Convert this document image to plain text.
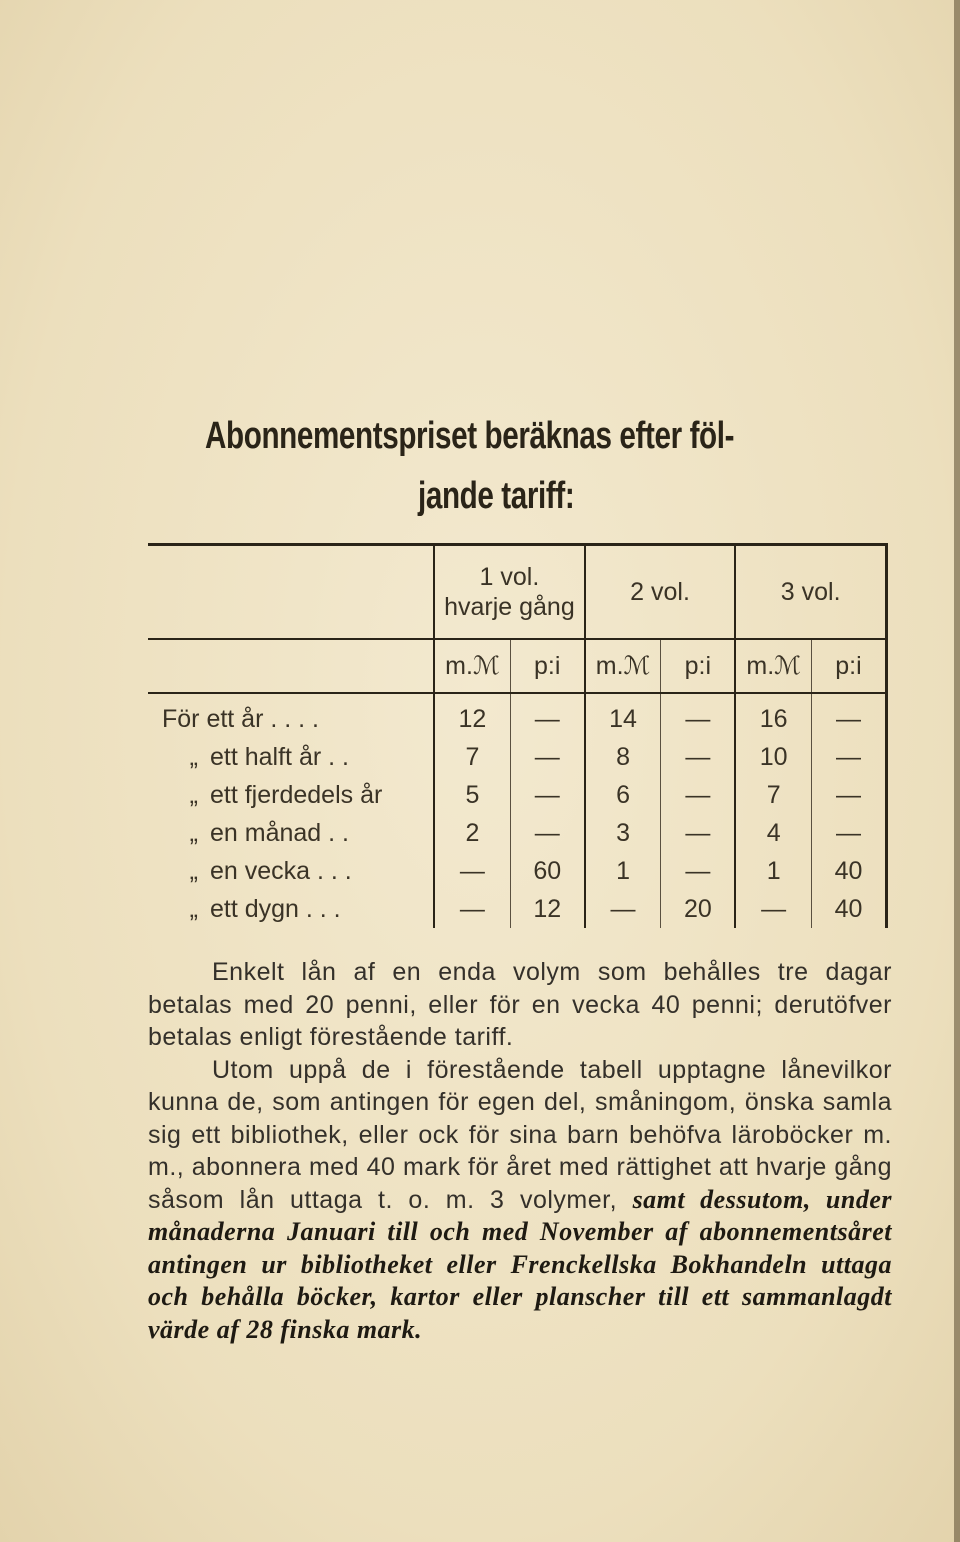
Abonnementspriset beräknas efter föl-
jande tariff:
	1 vol.
hvarje gång		2 vol.		3 vol.	
	m.ℳ	p:i	m.ℳ	p:i	m.ℳ	p:i
För ett år . . . .	12	—	14	—	16	—
„ ett halft år . .	7	—	8	—	10	—
„ ett fjerdedels år	5	—	6	—	7	—
„ en månad . .	2	—	3	—	4	—
„ en vecka . . .	—	60	1	—	1	40
„ ett dygn . . .	—	12	—	20	—	40

Enkelt lån af en enda volym som behålles tre dagar betalas med 20 penni, eller för en vecka 40 penni; derutöfver betalas enligt förestående tariff.

Utom uppå de i förestående tabell upptagne lånevilkor kunna de, som antingen för egen del, småningom, önska samla sig ett bibliothek, eller ock för sina barn behöfva läroböcker m. m., abonnera med 40 mark för året med rättighet att hvarje gång såsom lån uttaga t. o. m. 3 volymer, samt dessutom, under månaderna Januari till och med November af abonnementsåret antingen ur bibliotheket eller Frenckellska Bokhandeln uttaga och behålla böcker, kartor eller planscher till ett sammanlagdt värde af 28 finska mark.
